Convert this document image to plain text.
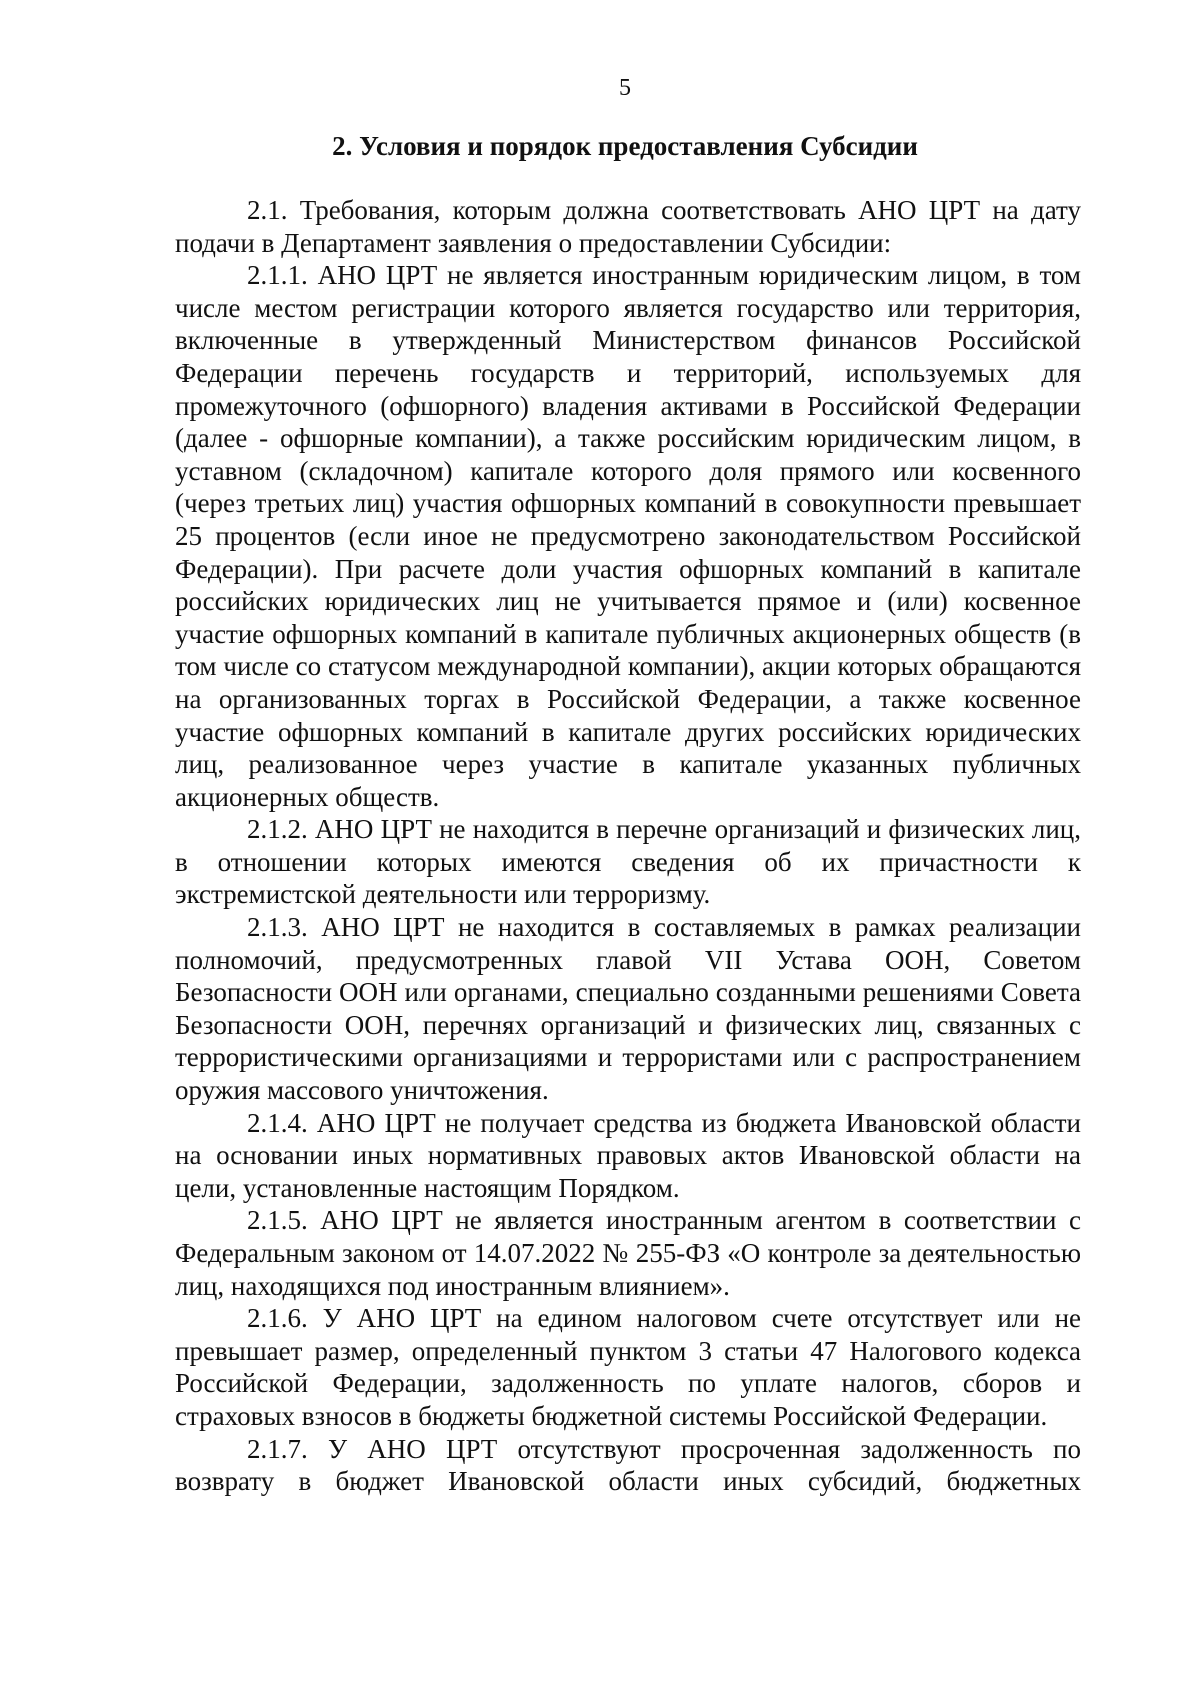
5
2. Условия и порядок предоставления Субсидии

2.1. Требования, которым должна соответствовать АНО ЦРТ на дату подачи в Департамент заявления о предоставлении Субсидии:

2.1.1. АНО ЦРТ не является иностранным юридическим лицом, в том числе местом регистрации которого является государство или территория, включенные в утвержденный Министерством финансов Российской Федерации перечень государств и территорий, используемых для промежуточного (офшорного) владения активами в Российской Федерации (далее - офшорные компании), а также российским юридическим лицом, в уставном (складочном) капитале которого доля прямого или косвенного (через третьих лиц) участия офшорных компаний в совокупности превышает 25 процентов (если иное не предусмотрено законодательством Российской Федерации). При расчете доли участия офшорных компаний в капитале российских юридических лиц не учитывается прямое и (или) косвенное участие офшорных компаний в капитале публичных акционерных обществ (в том числе со статусом международной компании), акции которых обращаются на организованных торгах в Российской Федерации, а также косвенное участие офшорных компаний в капитале других российских юридических лиц, реализованное через участие в капитале указанных публичных акционерных обществ.

2.1.2. АНО ЦРТ не находится в перечне организаций и физических лиц, в отношении которых имеются сведения об их причастности к экстремистской деятельности или терроризму.

2.1.3. АНО ЦРТ не находится в составляемых в рамках реализации полномочий, предусмотренных главой VII Устава ООН, Советом Безопасности ООН или органами, специально созданными решениями Совета Безопасности ООН, перечнях организаций и физических лиц, связанных с террористическими организациями и террористами или с распространением оружия массового уничтожения.

2.1.4. АНО ЦРТ не получает средства из бюджета Ивановской области на основании иных нормативных правовых актов Ивановской области на цели, установленные настоящим Порядком.

2.1.5. АНО ЦРТ не является иностранным агентом в соответствии с Федеральным законом от 14.07.2022 № 255-ФЗ «О контроле за деятельностью лиц, находящихся под иностранным влиянием».

2.1.6. У АНО ЦРТ на едином налоговом счете отсутствует или не превышает размер, определенный пунктом 3 статьи 47 Налогового кодекса Российской Федерации, задолженность по уплате налогов, сборов и страховых взносов в бюджеты бюджетной системы Российской Федерации.

2.1.7. У АНО ЦРТ отсутствуют просроченная задолженность по возврату в бюджет Ивановской области иных субсидий, бюджетных
